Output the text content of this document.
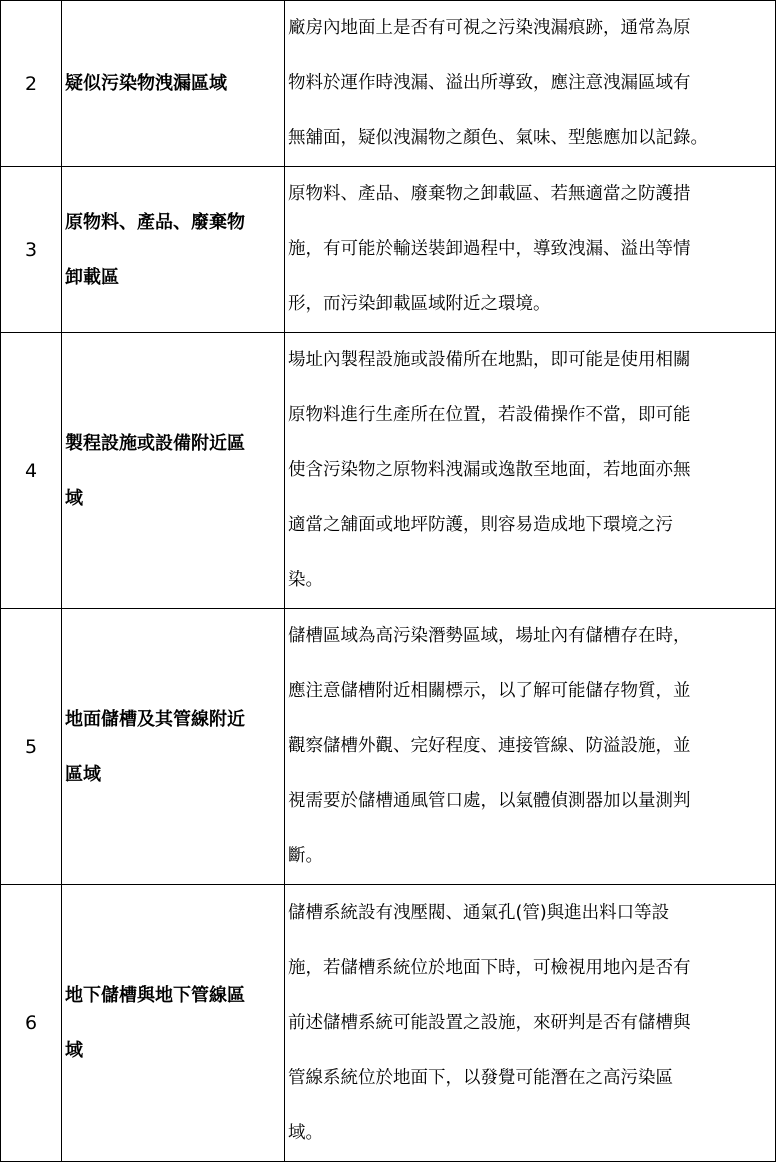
2	疑似污染物洩漏區域	廠房內地面上是否有可視之污染洩漏痕跡，通常為原
物料於運作時洩漏、溢出所導致，應注意洩漏區域有
無舖面，疑似洩漏物之顏色、氣味、型態應加以記錄。

3	原物料、產品、廢棄物
卸載區	原物料、產品、廢棄物之卸載區、若無適當之防護措
施，有可能於輸送裝卸過程中，導致洩漏、溢出等情
形，而污染卸載區域附近之環境。

4	製程設施或設備附近區
域	場址內製程設施或設備所在地點，即可能是使用相關
原物料進行生產所在位置，若設備操作不當，即可能
使含污染物之原物料洩漏或逸散至地面，若地面亦無
適當之舖面或地坪防護，則容易造成地下環境之污
染。

5	地面儲槽及其管線附近
區域	儲槽區域為高污染潛勢區域，場址內有儲槽存在時，
應注意儲槽附近相關標示，以了解可能儲存物質，並
觀察儲槽外觀、完好程度、連接管線、防溢設施，並
視需要於儲槽通風管口處，以氣體偵測器加以量測判
斷。

6	地下儲槽與地下管線區
域	儲槽系統設有洩壓閥、通氣孔(管)與進出料口等設
施，若儲槽系統位於地面下時，可檢視用地內是否有
前述儲槽系統可能設置之設施，來研判是否有儲槽與
管線系統位於地面下，以發覺可能潛在之高污染區
域。
